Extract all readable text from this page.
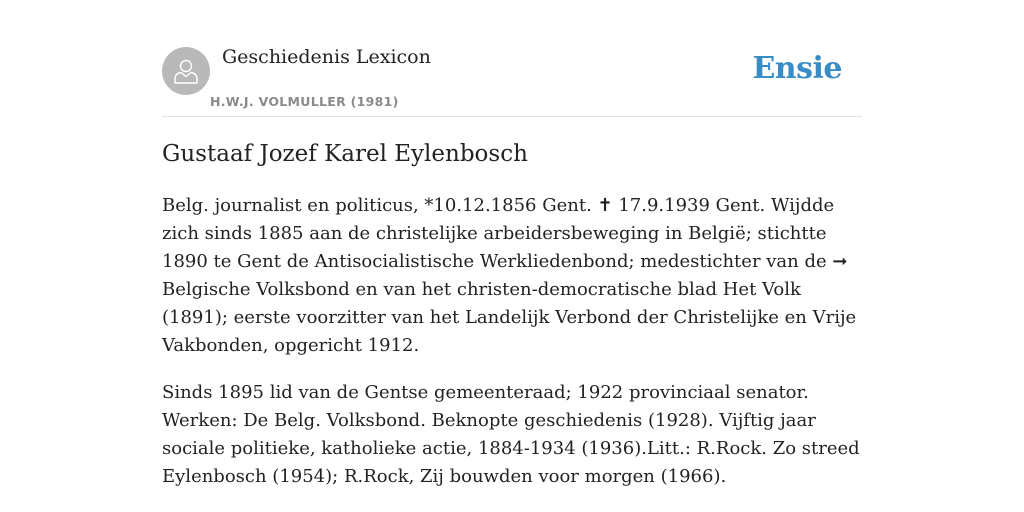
Geschiedenis Lexicon
H.W.J. VOLMULLER (1981)
Ensie
Gustaaf Jozef Karel Eylenbosch

Belg. journalist en politicus, *10.12.1856 Gent. ✝ 17.9.1939 Gent. Wijdde zich sinds 1885 aan de christelijke arbeidersbeweging in België; stichtte 1890 te Gent de Antisocialistische Werkliedenbond; medestichter van de ➞ Belgische Volksbond en van het christen-democratische blad Het Volk (1891); eerste voorzitter van het Landelijk Verbond der Christelijke en Vrije Vakbonden, opgericht 1912.

Sinds 1895 lid van de Gentse gemeenteraad; 1922 provinciaal senator. Werken: De Belg. Volksbond. Beknopte geschiedenis (1928). Vijftig jaar sociale politieke, katholieke actie, 1884-1934 (1936).Litt.: R.Rock. Zo streed Eylenbosch (1954); R.Rock, Zij bouwden voor morgen (1966).
